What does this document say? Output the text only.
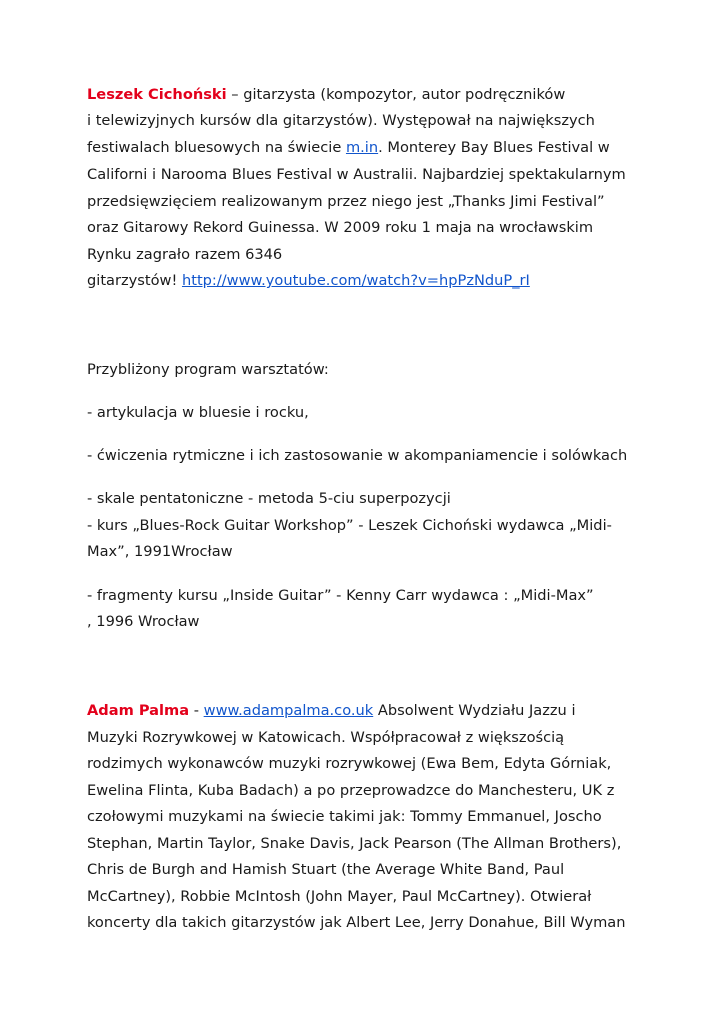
Leszek Cichoński – gitarzysta (kompozytor, autor podręczników
i telewizyjnych kursów dla gitarzystów). Występował na największych
festiwalach bluesowych na świecie m.in. Monterey Bay Blues Festival w
Californi i Narooma Blues Festival w Australii. Najbardziej spektakularnym
przedsięwzięciem realizowanym przez niego jest „Thanks Jimi Festival”
oraz Gitarowy Rekord Guinessa. W 2009 roku 1 maja na wrocławskim
Rynku zagrało razem 6346
gitarzystów! http://www.youtube.com/watch?v=hpPzNduP_rI
Przybliżony program warsztatów:
- artykulacja w bluesie i rocku,
- ćwiczenia rytmiczne i ich zastosowanie w akompaniamencie i solówkach
- skale pentatoniczne - metoda 5-ciu superpozycji
- kurs „Blues-Rock Guitar Workshop” - Leszek Cichoński wydawca „Midi-
Max”, 1991Wrocław
- fragmenty kursu „Inside Guitar” - Kenny Carr wydawca : „Midi-Max”
, 1996 Wrocław
Adam Palma - www.adampalma.co.uk Absolwent Wydziału Jazzu i
Muzyki Rozrywkowej w Katowicach. Współpracował z większością
rodzimych wykonawców muzyki rozrywkowej (Ewa Bem, Edyta Górniak,
Ewelina Flinta, Kuba Badach) a po przeprowadzce do Manchesteru, UK z
czołowymi muzykami na świecie takimi jak: Tommy Emmanuel, Joscho
Stephan, Martin Taylor, Snake Davis, Jack Pearson (The Allman Brothers),
Chris de Burgh and Hamish Stuart (the Average White Band, Paul
McCartney), Robbie McIntosh (John Mayer, Paul McCartney). Otwierał
koncerty dla takich gitarzystów jak Albert Lee, Jerry Donahue, Bill Wyman
